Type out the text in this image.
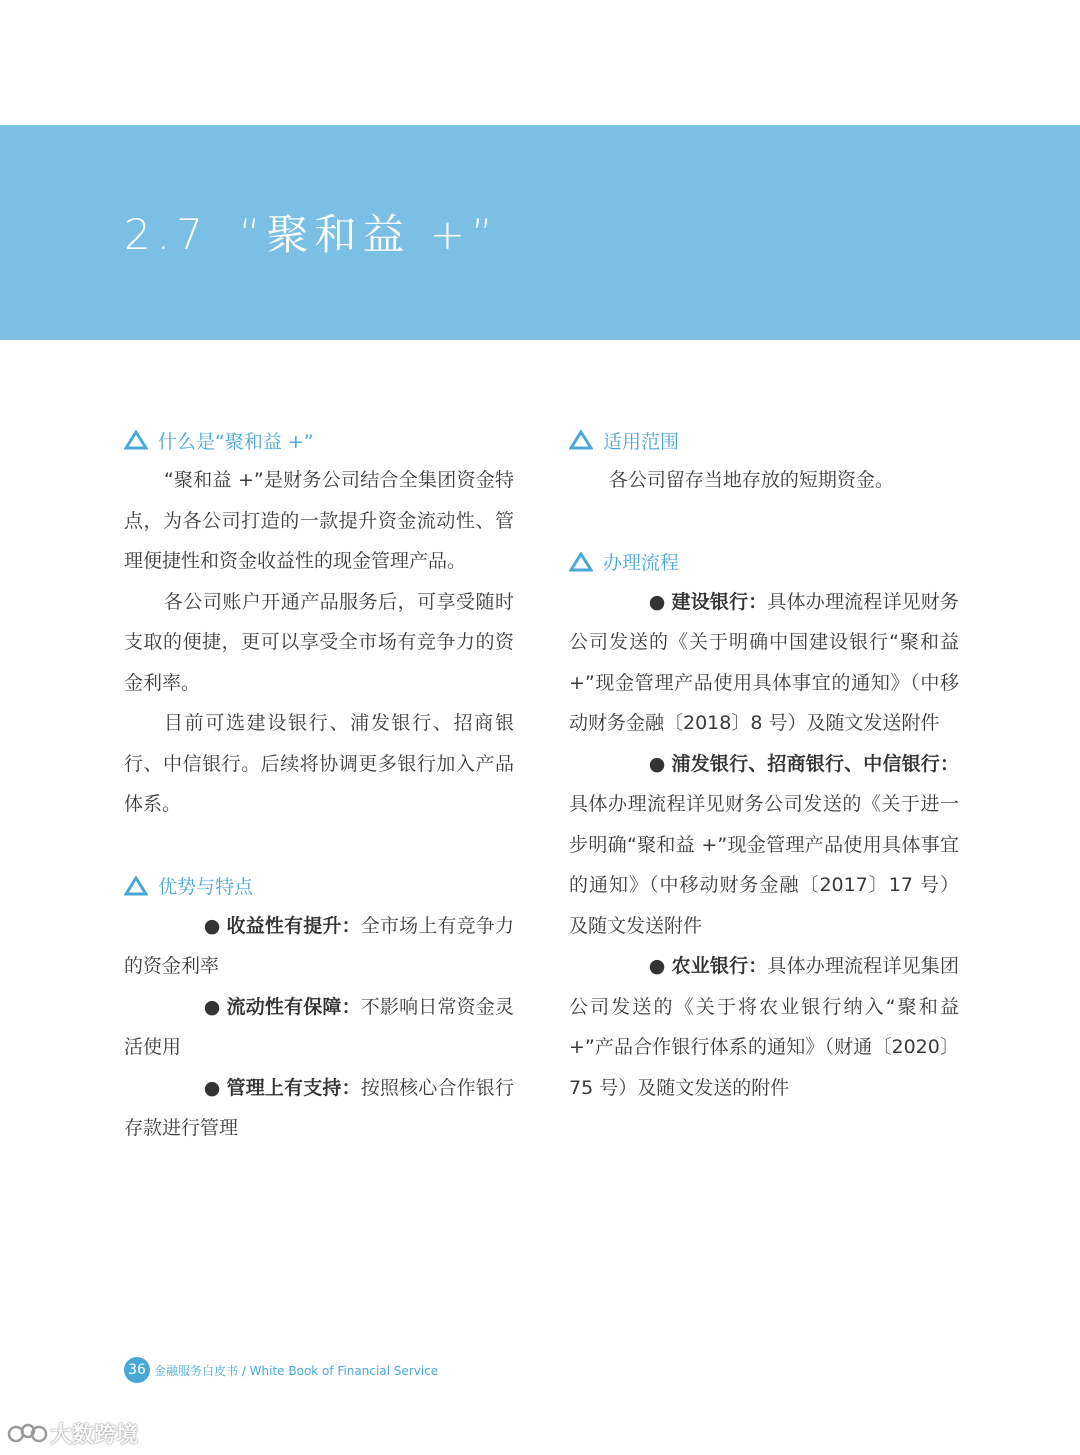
2.7 “聚和益 +”
什么是“聚和益 +”

“聚和益 +”是财务公司结合全集团资金特点，为各公司打造的一款提升资金流动性、管理便捷性和资金收益性的现金管理产品。

各公司账户开通产品服务后，可享受随时支取的便捷，更可以享受全市场有竞争力的资金利率。

目前可选建设银行、浦发银行、招商银行、中信银行。后续将协调更多银行加入产品体系。

优势与特点

● 收益性有提升：全市场上有竞争力的资金利率

● 流动性有保障：不影响日常资金灵活使用

● 管理上有支持：按照核心合作银行存款进行管理

适用范围

各公司留存当地存放的短期资金。

办理流程

● 建设银行：具体办理流程详见财务公司发送的《关于明确中国建设银行“聚和益 +”现金管理产品使用具体事宜的通知》（中移动财务金融〔2018〕8 号）及随文发送附件

● 浦发银行、招商银行、中信银行：具体办理流程详见财务公司发送的《关于进一步明确“聚和益 +”现金管理产品使用具体事宜的通知》（中移动财务金融〔2017〕17 号）及随文发送附件

● 农业银行：具体办理流程详见集团公司发送的《关于将农业银行纳入“聚和益 +”产品合作银行体系的通知》（财通〔2020〕75 号）及随文发送的附件

36 金融服务白皮书 / White Book of Financial Service
大数跨境
